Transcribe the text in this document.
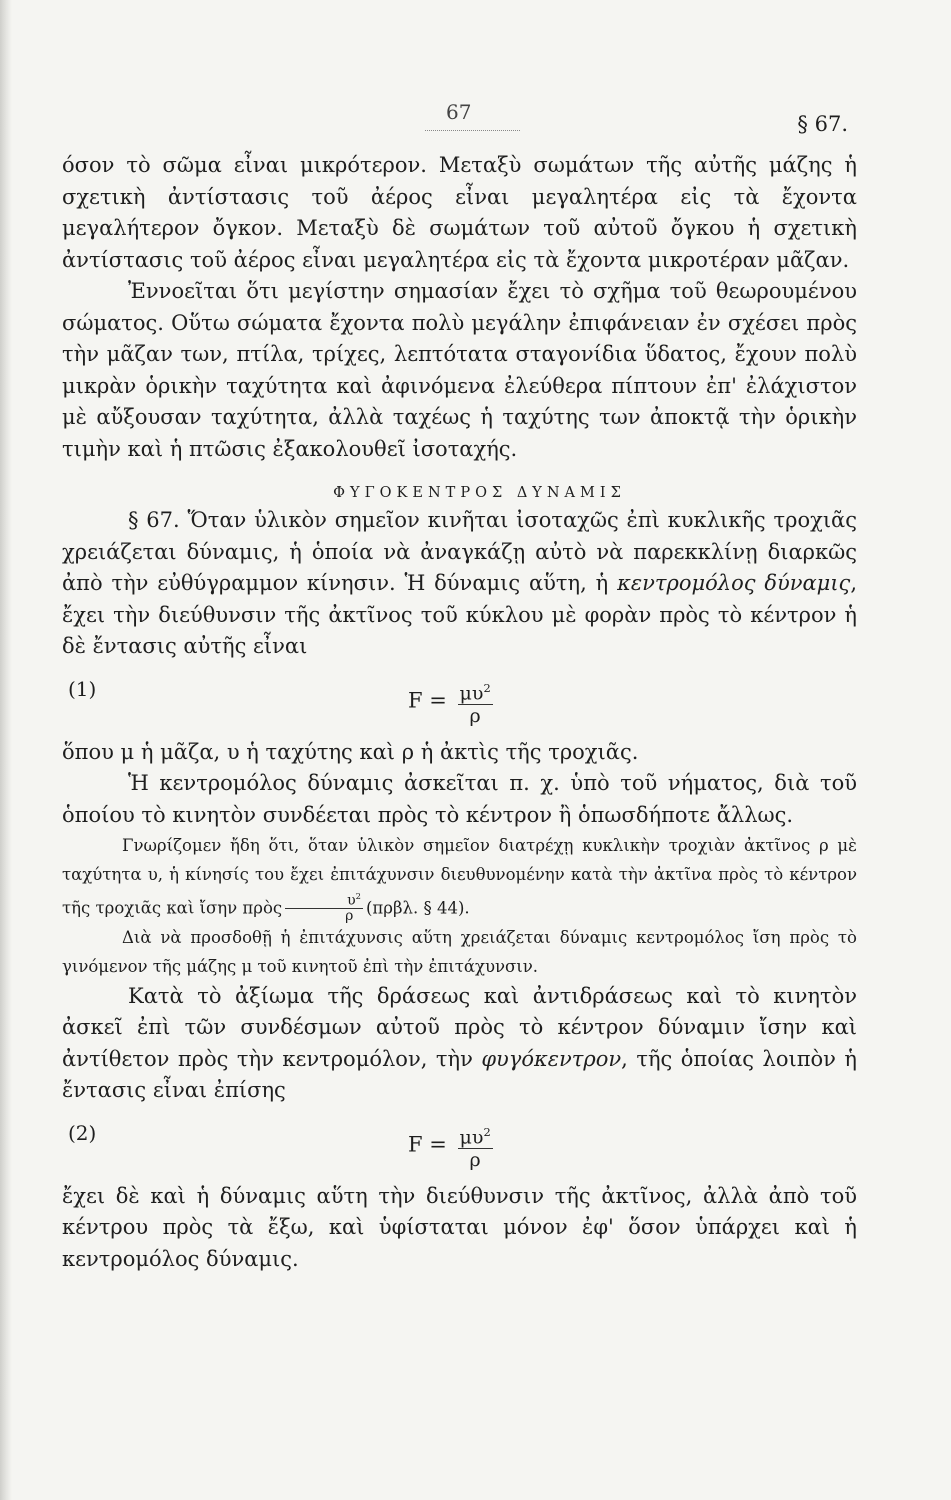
67	§ 67.

όσον τὸ σῶμα εἶναι μικρότερον. Μεταξὺ σωμάτων τῆς αὐτῆς μάζης ἡ σχετικὴ ἀντίστασις τοῦ ἀέρος εἶναι μεγαλητέρα εἰς τὰ ἔχοντα μεγαλήτερον ὄγκον. Μεταξὺ δὲ σωμάτων τοῦ αὐτοῦ ὄγκου ἡ σχετικὴ ἀντίστασις τοῦ ἀέρος εἶναι μεγαλητέρα εἰς τὰ ἔχοντα μικροτέραν μᾶζαν.

Ἐννοεῖται ὅτι μεγίστην σημασίαν ἔχει τὸ σχῆμα τοῦ θεωρουμένου σώματος. Οὕτω σώματα ἔχοντα πολὺ μεγάλην ἐπιφάνειαν ἐν σχέσει πρὸς τὴν μᾶζαν των, πτίλα, τρίχες, λεπτότατα σταγονίδια ὕδατος, ἔχουν πολὺ μικρὰν ὁρικὴν ταχύτητα καὶ ἀφινόμενα ἐλεύθερα πίπτουν ἐπ' ἐλάχιστον μὲ αὔξουσαν ταχύτητα, ἀλλὰ ταχέως ἡ ταχύτης των ἀποκτᾷ τὴν ὁρικὴν τιμὴν καὶ ἡ πτῶσις ἐξακολουθεῖ ἰσοταχής.

ΦΥΓΟΚΕΝΤΡΟΣ ΔΥΝΑΜΙΣ

§ 67. Ὅταν ὑλικὸν σημεῖον κινῆται ἰσοταχῶς ἐπὶ κυκλικῆς τροχιᾶς χρειάζεται δύναμις, ἡ ὁποία νὰ ἀναγκάζῃ αὐτὸ νὰ παρεκκλίνῃ διαρκῶς ἀπὸ τὴν εὐθύγραμμον κίνησιν. Ἡ δύναμις αὕτη, ἡ κεντρομόλος δύναμις, ἔχει τὴν διεύθυνσιν τῆς ἀκτῖνος τοῦ κύκλου μὲ φορὰν πρὸς τὸ κέντρον ἡ δὲ ἔντασις αὐτῆς εἶναι

(1)	$F = \frac{\mu\upsilon^2}{\rho}$

ὅπου μ ἡ μᾶζα, υ ἡ ταχύτης καὶ ρ ἡ ἀκτὶς τῆς τροχιᾶς.

Ἡ κεντρομόλος δύναμις ἀσκεῖται π. χ. ὑπὸ τοῦ νήματος, διὰ τοῦ ὁποίου τὸ κινητὸν συνδέεται πρὸς τὸ κέντρον ἢ ὁπωσδήποτε ἄλλως.

Γνωρίζομεν ἤδη ὅτι, ὅταν ὑλικὸν σημεῖον διατρέχῃ κυκλικὴν τροχιὰν ἀκτῖνος ρ μὲ ταχύτητα υ, ἡ κίνησίς του ἔχει ἐπιτάχυνσιν διευθυνομένην κατὰ τὴν ἀκτῖνα πρὸς τὸ κέντρον τῆς τροχιᾶς καὶ ἴσην πρὸς $\frac{\upsilon^2}{\rho} (\pi\rho\beta\lambda$. § 44).

Διὰ νὰ προσδοθῇ ἡ ἐπιτάχυνσις αὕτη χρειάζεται δύναμις κεντρομόλος ἴση πρὸς τὸ γινόμενον τῆς μάζης μ τοῦ κινητοῦ ἐπὶ τὴν ἐπιτάχυνσιν.

Κατὰ τὸ ἀξίωμα τῆς δράσεως καὶ ἀντιδράσεως καὶ τὸ κινητὸν ἀσκεῖ ἐπὶ τῶν συνδέσμων αὐτοῦ πρὸς τὸ κέντρον δύναμιν ἴσην καὶ ἀντίθετον πρὸς τὴν κεντρομόλον, τὴν φυγόκεντρον, τῆς ὁποίας λοιπὸν ἡ ἔντασις εἶναι ἐπίσης

(2)	$F = \frac{\mu\upsilon^2}{\rho}$

ἔχει δὲ καὶ ἡ δύναμις αὕτη τὴν διεύθυνσιν τῆς ἀκτῖνος, ἀλλὰ ἀπὸ τοῦ κέντρου πρὸς τὰ ἔξω, καὶ ὑφίσταται μόνον ἐφ' ὅσον ὑπάρχει καὶ ἡ κεντρομόλος δύναμις.
